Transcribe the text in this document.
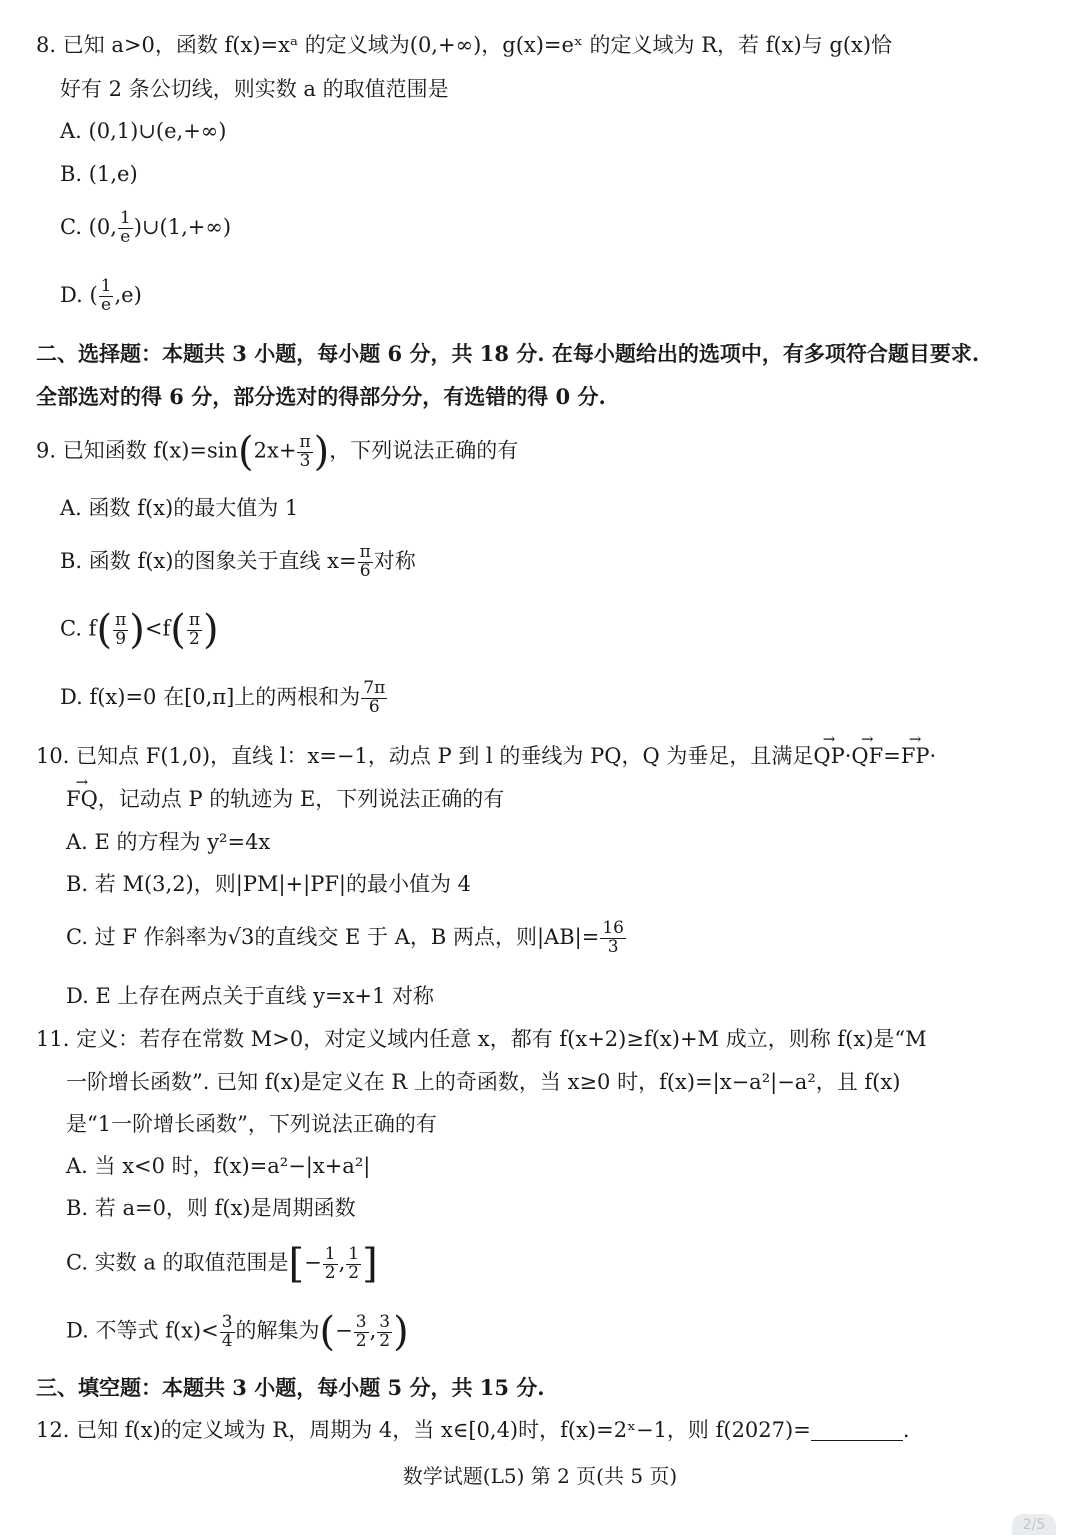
8. 已知 a>0，函数 f(x)=xᵃ 的定义域为(0,+∞)，g(x)=eˣ 的定义域为 R，若 f(x)与 g(x)恰
好有 2 条公切线，则实数 a 的取值范围是
A. (0,1)∪(e,+∞)
B. (1,e)
C. (0, $\frac{1}{e}$ )∪(1,+∞)
D. ( $\frac{1}{e} ,e$)
二、选择题：本题共 3 小题，每小题 6 分，共 18 分. 在每小题给出的选项中，有多项符合题目要求.
全部选对的得 6 分，部分选对的得部分分，有选错的得 0 分.
9. 已知函数 $f(x)=\sin(2x+ \frac{\pi}{3}$ )，下列说法正确的有
A. 函数 f(x)的最大值为 1
B. 函数 f(x)的图象关于直线 $x= \frac{\pi}{6}$ 对称
C. $f( \frac{\pi}{9} )<f( \frac{\pi}{2}$ )
D. f(x)=0 在[0,π]上的两根和为 $\frac{7\pi}{6}$
10. 已知点 F(1,0)，直线 l：x=−1，动点 P 到 l 的垂线为 PQ，Q 为垂足，且满足→ QP·→ QF=→ FP·
→ FQ，记动点 P 的轨迹为 E，下列说法正确的有
A. E 的方程为 y²=4x
B. 若 M(3,2)，则|PM|+|PF|的最小值为 4
C. 过 F 作斜率为√3的直线交 E 于 A，B 两点，则$|AB|= \frac{16}{3}$
D. E 上存在两点关于直线 y=x+1 对称
11. 定义：若存在常数 M>0，对定义域内任意 x，都有 f(x+2)≥f(x)+M 成立，则称 f(x)是“M
一阶增长函数”. 已知 f(x)是定义在 R 上的奇函数，当 x≥0 时，f(x)=|x−a²|−a²，且 f(x)
是“1一阶增长函数”，下列说法正确的有
A. 当 x<0 时，f(x)=a²−|x+a²|
B. 若 a=0，则 f(x)是周期函数
C. 实数 a 的取值范围是[− $\frac{1}{2}$ , $\frac{1}{2}$ ]
D. 不等式 $f(x)< \frac{3}{4}$ 的解集为(− $\frac{3}{2}$ , $\frac{3}{2}$ )
三、填空题：本题共 3 小题，每小题 5 分，共 15 分.
12. 已知 f(x)的定义域为 R，周期为 4，当 x∈[0,4)时，f(x)=2ˣ−1，则 f(2027)=	.
数学试题(L5) 第 2 页(共 5 页)
2/5
